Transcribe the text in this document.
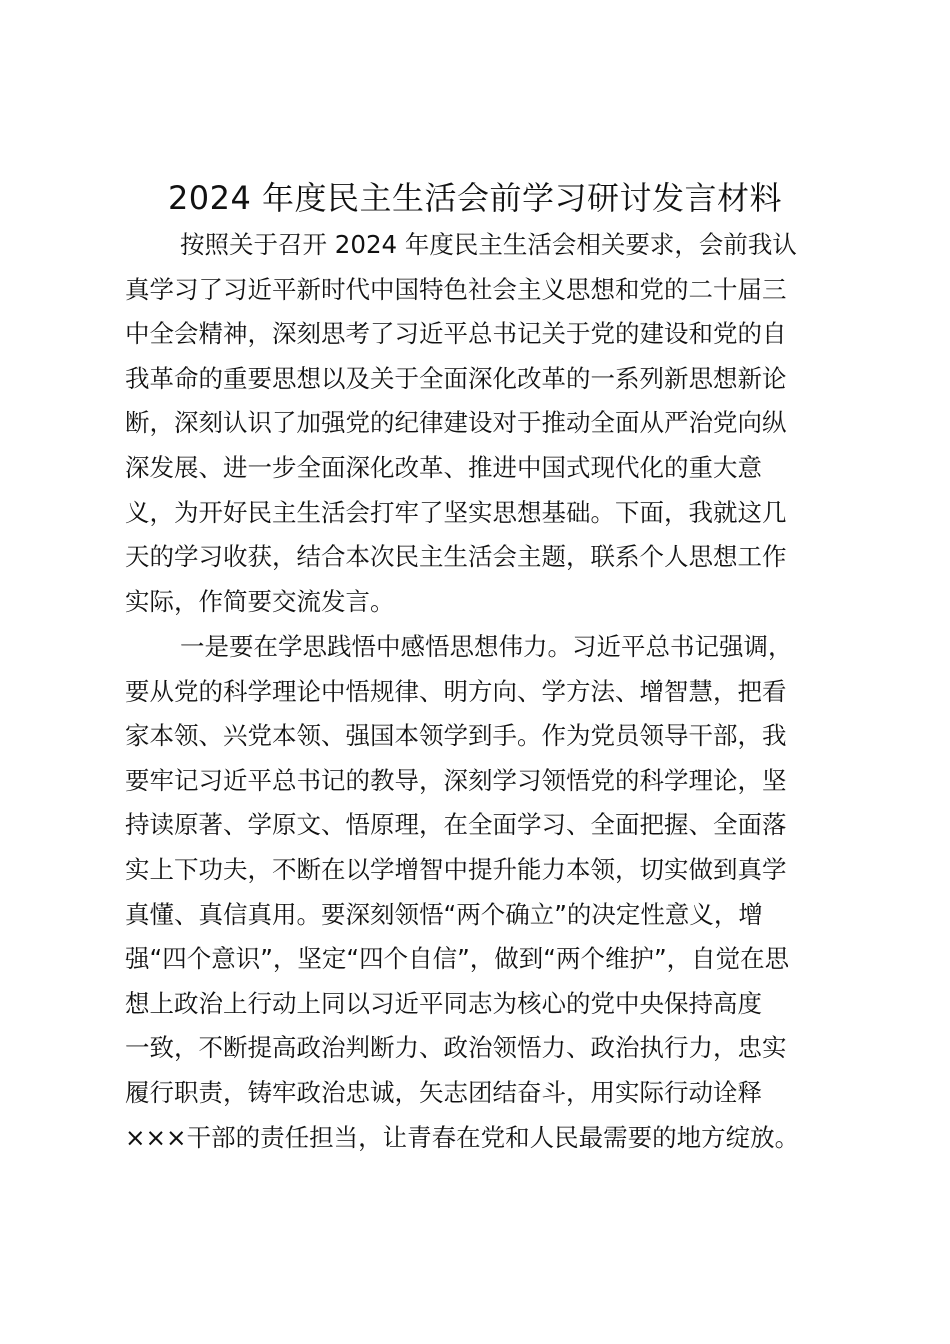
2024 年度民主生活会前学习研讨发言材料
按照关于召开 2024 年度民主生活会相关要求，会前我认
真学习了习近平新时代中国特色社会主义思想和党的二十届三
中全会精神，深刻思考了习近平总书记关于党的建设和党的自
我革命的重要思想以及关于全面深化改革的一系列新思想新论
断，深刻认识了加强党的纪律建设对于推动全面从严治党向纵
深发展、进一步全面深化改革、推进中国式现代化的重大意
义，为开好民主生活会打牢了坚实思想基础。下面，我就这几
天的学习收获，结合本次民主生活会主题，联系个人思想工作
实际，作简要交流发言。
一是要在学思践悟中感悟思想伟力。习近平总书记强调，
要从党的科学理论中悟规律、明方向、学方法、增智慧，把看
家本领、兴党本领、强国本领学到手。作为党员领导干部，我
要牢记习近平总书记的教导，深刻学习领悟党的科学理论，坚
持读原著、学原文、悟原理，在全面学习、全面把握、全面落
实上下功夫，不断在以学增智中提升能力本领，切实做到真学
真懂、真信真用。要深刻领悟“两个确立”的决定性意义，增
强“四个意识”，坚定“四个自信”，做到“两个维护”，自觉在思
想上政治上行动上同以习近平同志为核心的党中央保持高度
一致，不断提高政治判断力、政治领悟力、政治执行力，忠实
履行职责，铸牢政治忠诚，矢志团结奋斗，用实际行动诠释
×××干部的责任担当，让青春在党和人民最需要的地方绽放。
